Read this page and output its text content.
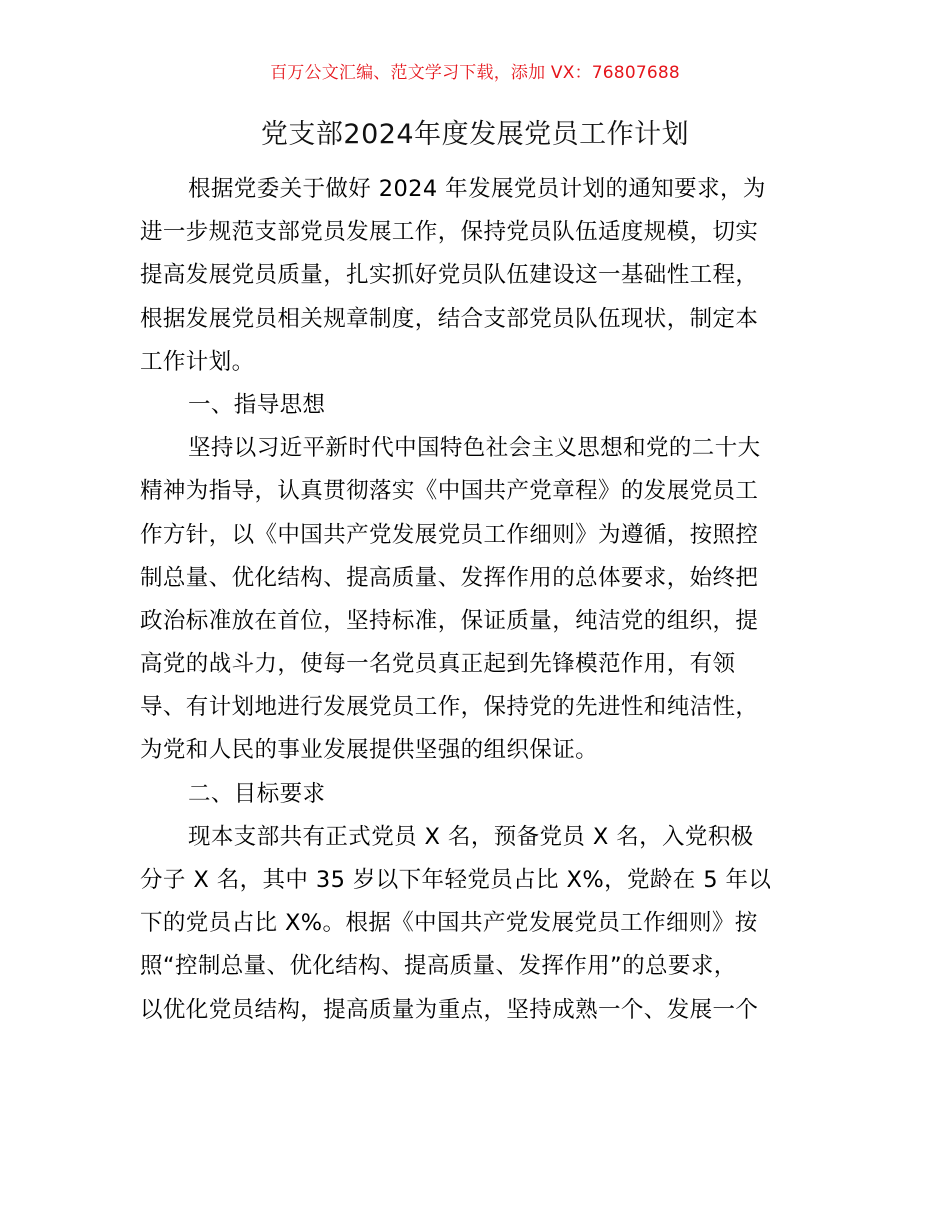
百万公文汇编、范文学习下载，添加 VX：76807688
党支部2024年度发展党员工作计划
根据党委关于做好 2024 年发展党员计划的通知要求，为
进一步规范支部党员发展工作，保持党员队伍适度规模，切实
提高发展党员质量，扎实抓好党员队伍建设这一基础性工程，
根据发展党员相关规章制度，结合支部党员队伍现状，制定本
工作计划。
一、指导思想
坚持以习近平新时代中国特色社会主义思想和党的二十大
精神为指导，认真贯彻落实《中国共产党章程》的发展党员工
作方针，以《中国共产党发展党员工作细则》为遵循，按照控
制总量、优化结构、提高质量、发挥作用的总体要求，始终把
政治标准放在首位，坚持标准，保证质量，纯洁党的组织，提
高党的战斗力，使每一名党员真正起到先锋模范作用，有领
导、有计划地进行发展党员工作，保持党的先进性和纯洁性，
为党和人民的事业发展提供坚强的组织保证。
二、目标要求
现本支部共有正式党员 X 名，预备党员 X 名，入党积极
分子 X 名，其中 35 岁以下年轻党员占比 X%，党龄在 5 年以
下的党员占比 X%。根据《中国共产党发展党员工作细则》按
照“控制总量、优化结构、提高质量、发挥作用”的总要求，
以优化党员结构，提高质量为重点，坚持成熟一个、发展一个
